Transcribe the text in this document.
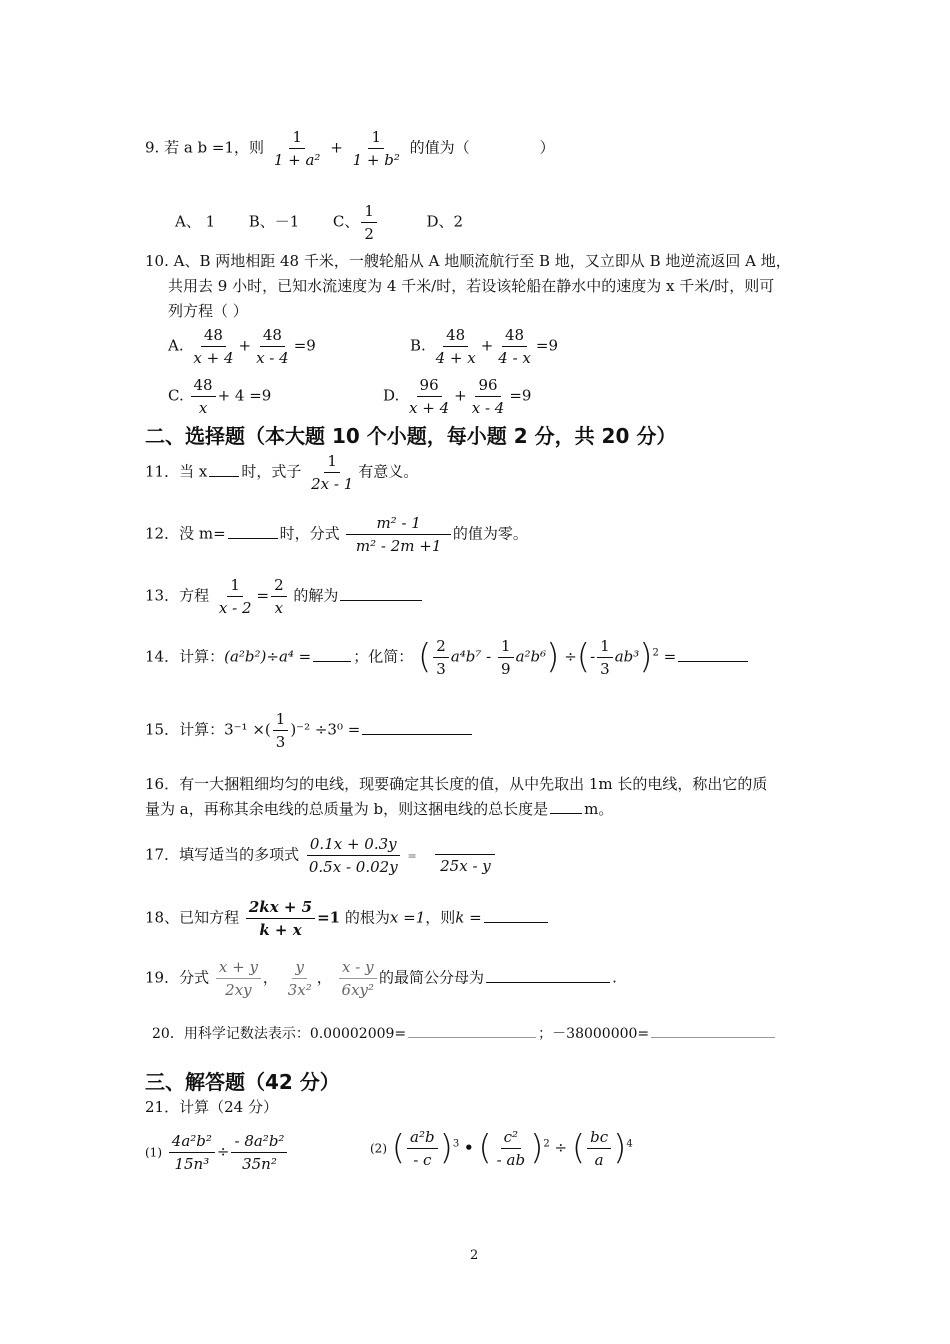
9. 若 a b =1，则 $\frac{1}{\text{1 + a²}} + \frac{1}{\text{1 + b²}}$ 的值为（	）
A、 1 B、－1 C、 $\frac{1}{2}$	D、2
10. A、B 两地相距 48 千米，一艘轮船从 A 地顺流航行至 B 地，又立即从 B 地逆流返回 A 地，
共用去 9 小时，已知水流速度为 4 千米/时，若设该轮船在静水中的速度为 x 千米/时，则可
列方程（ ）
A. $\frac{48}{x + 4} + \frac{48}{x - 4} =9$	B. $\frac{48}{4 + x} + \frac{48}{4 - x} =9$
C. $\frac{48}{x} + 4 =9$	D. $\frac{96}{x + 4} + \frac{96}{x - 4} =9$
二、选择题（本大题 10 个小题，每小题 2 分，共 20 分）
11．当 x 时，式子 $\frac{1}{2x - 1}$ 有意义。
12．没 m=	时，分式 $\frac{\text{m² - 1}}{\text{m² - 2m +1}}$ 的值为零。
13．方程 $\frac{1}{x - 2} = \frac{2}{x}$ 的解为
14．计算：(a²b²)÷a⁴ =	；化简： ( $\frac{2}{3} a^4b^7 - \frac{1}{9} a^2b^6$) ÷(- $\frac{1}{3} ab^3)^2$ =
15．计算：3⁻¹ ×( $\frac{1}{3} )^{-2} \div 3^0$ =
16．有一大捆粗细均匀的电线，现要确定其长度的值，从中先取出 1m 长的电线，称出它的质
量为 a，再称其余电线的总质量为 b，则这捆电线的总长度是 m。
17．填写适当的多项式 $\frac{0.1x + 0.3y}{0.5x - 0.02y}$ =
25x - y
18、已知方程 $\frac{2kx + 5}{k + x} =1$ 的根为x =1，则k =
19．分式 $\frac{x + y}{2xy}$ ， $\frac{y}{\text{3x²}}$ ， $\frac{x - y}{\text{6xy²}}$ 的最简公分母为	.
20．用科学记数法表示：0.00002009=	；－38000000=
三、解答题（42 分）
21．计算（24 分）
$(1) \frac{\text{4a²b²}}{\text{15n³}} \div \frac{\text{- 8a²b²}}{\text{35n²}}$	(2) ( $\frac{\text{a²b}}{- c} )^3$ • ( $\frac{\text{c²}}{- ab} )^2$ ÷ ( $\frac{bc}{a} )^4$
2
